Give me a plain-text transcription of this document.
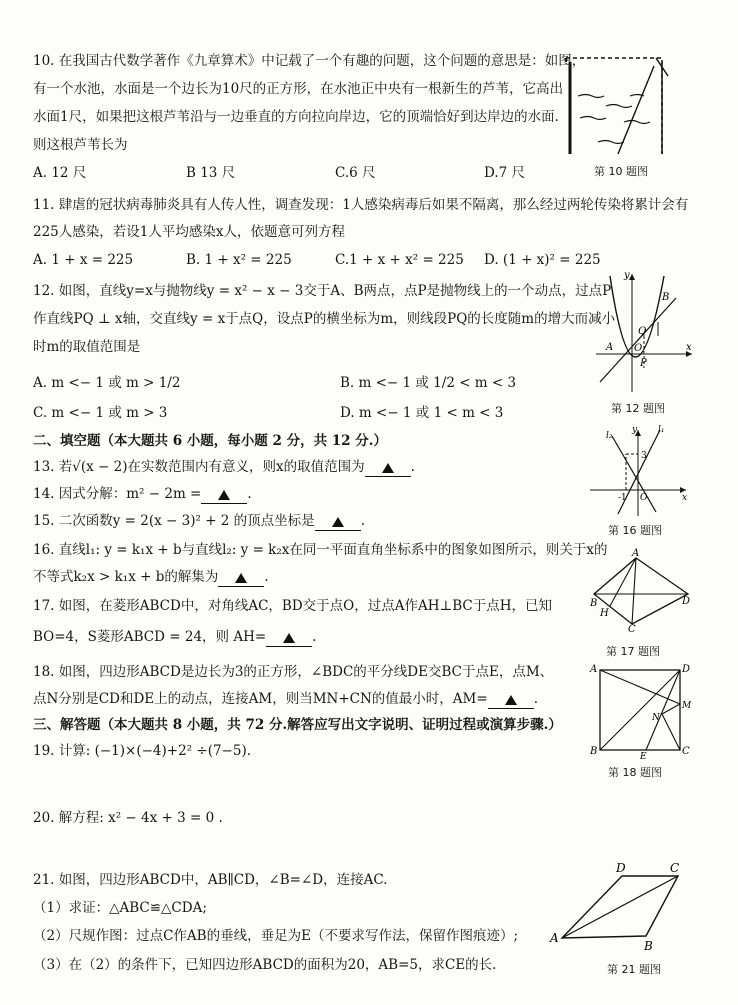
10. 在我国古代数学著作《九章算术》中记载了一个有趣的问题，这个问题的意思是：如图，
有一个水池，水面是一个边长为10尺的正方形，在水池正中央有一根新生的芦苇，它高出
水面1尺，如果把这根芦苇沿与一边垂直的方向拉向岸边，它的顶端恰好到达岸边的水面.
则这根芦苇长为
A. 12 尺	B 13 尺	C.6 尺	D.7 尺	第 10 题图
11. 肆虐的冠状病毒肺炎具有人传人性，调查发现：1人感染病毒后如果不隔离，那么经过两轮传染将累计会有
225人感染，若设1人平均感染x人，依题意可列方程
A. 1 + x = 225	B. 1 + x² = 225	C.1 + x + x² = 225 D. (1 + x)² = 225
12. 如图，直线y=x与抛物线y = x² − x − 3交于A、B两点，点P是抛物线上的一个动点，过点P
作直线PQ ⊥ x轴，交直线y = x于点Q，设点P的横坐标为m，则线段PQ的长度随m的增大而减小
时m的取值范围是
A. m <− 1 或 m > 1/2	B. m <− 1 或 1/2 < m < 3
C. m <− 1 或 m > 3	D. m <− 1 或 1 < m < 3
y
x
O
A
P
Q
B
第 12 题图
二、填空题（本大题共 6 小题，每小题 2 分，共 12 分.）
13. 若√(x − 2)在实数范围内有意义，则x的取值范围为	.
14. 因式分解：m² − 2m =	.
15. 二次函数y = 2(x − 3)² + 2 的顶点坐标是	.
16. 直线l₁: y = k₁x + b与直线l₂: y = k₂x在同一平面直角坐标系中的图象如图所示，则关于x的
不等式k₂x > k₁x + b的解集为	.
l₂
l₁
y
x
3
-1 O
第 16 题图
17. 如图，在菱形ABCD中，对角线AC，BD交于点O，过点A作AH⊥BC于点H，已知
BO=4，S菱形ABCD = 24，则 AH=	.
A
D
B
H
C
第 17 题图
18. 如图，四边形ABCD是边长为3的正方形，∠BDC的平分线DE交BC于点E，点M、
点N分别是CD和DE上的动点，连接AM，则当MN+CN的值最小时，AM=	.
A	D
B	C
M
N
E
第 18 题图
三、解答题（本大题共 8 小题，共 72 分.解答应写出文字说明、证明过程或演算步骤.）
19. 计算: (−1)×(−4)+2² ÷(7−5).
20. 解方程: x² − 4x + 3 = 0 .
21. 如图，四边形ABCD中，AB∥CD，∠B=∠D，连接AC.
（1）求证：△ABC≌△CDA;
（2）尺规作图：过点C作AB的垂线，垂足为E（不要求写作法，保留作图痕迹）;
（3）在（2）的条件下，已知四边形ABCD的面积为20，AB=5，求CE的长.
D	C
A
B
第 21 题图
